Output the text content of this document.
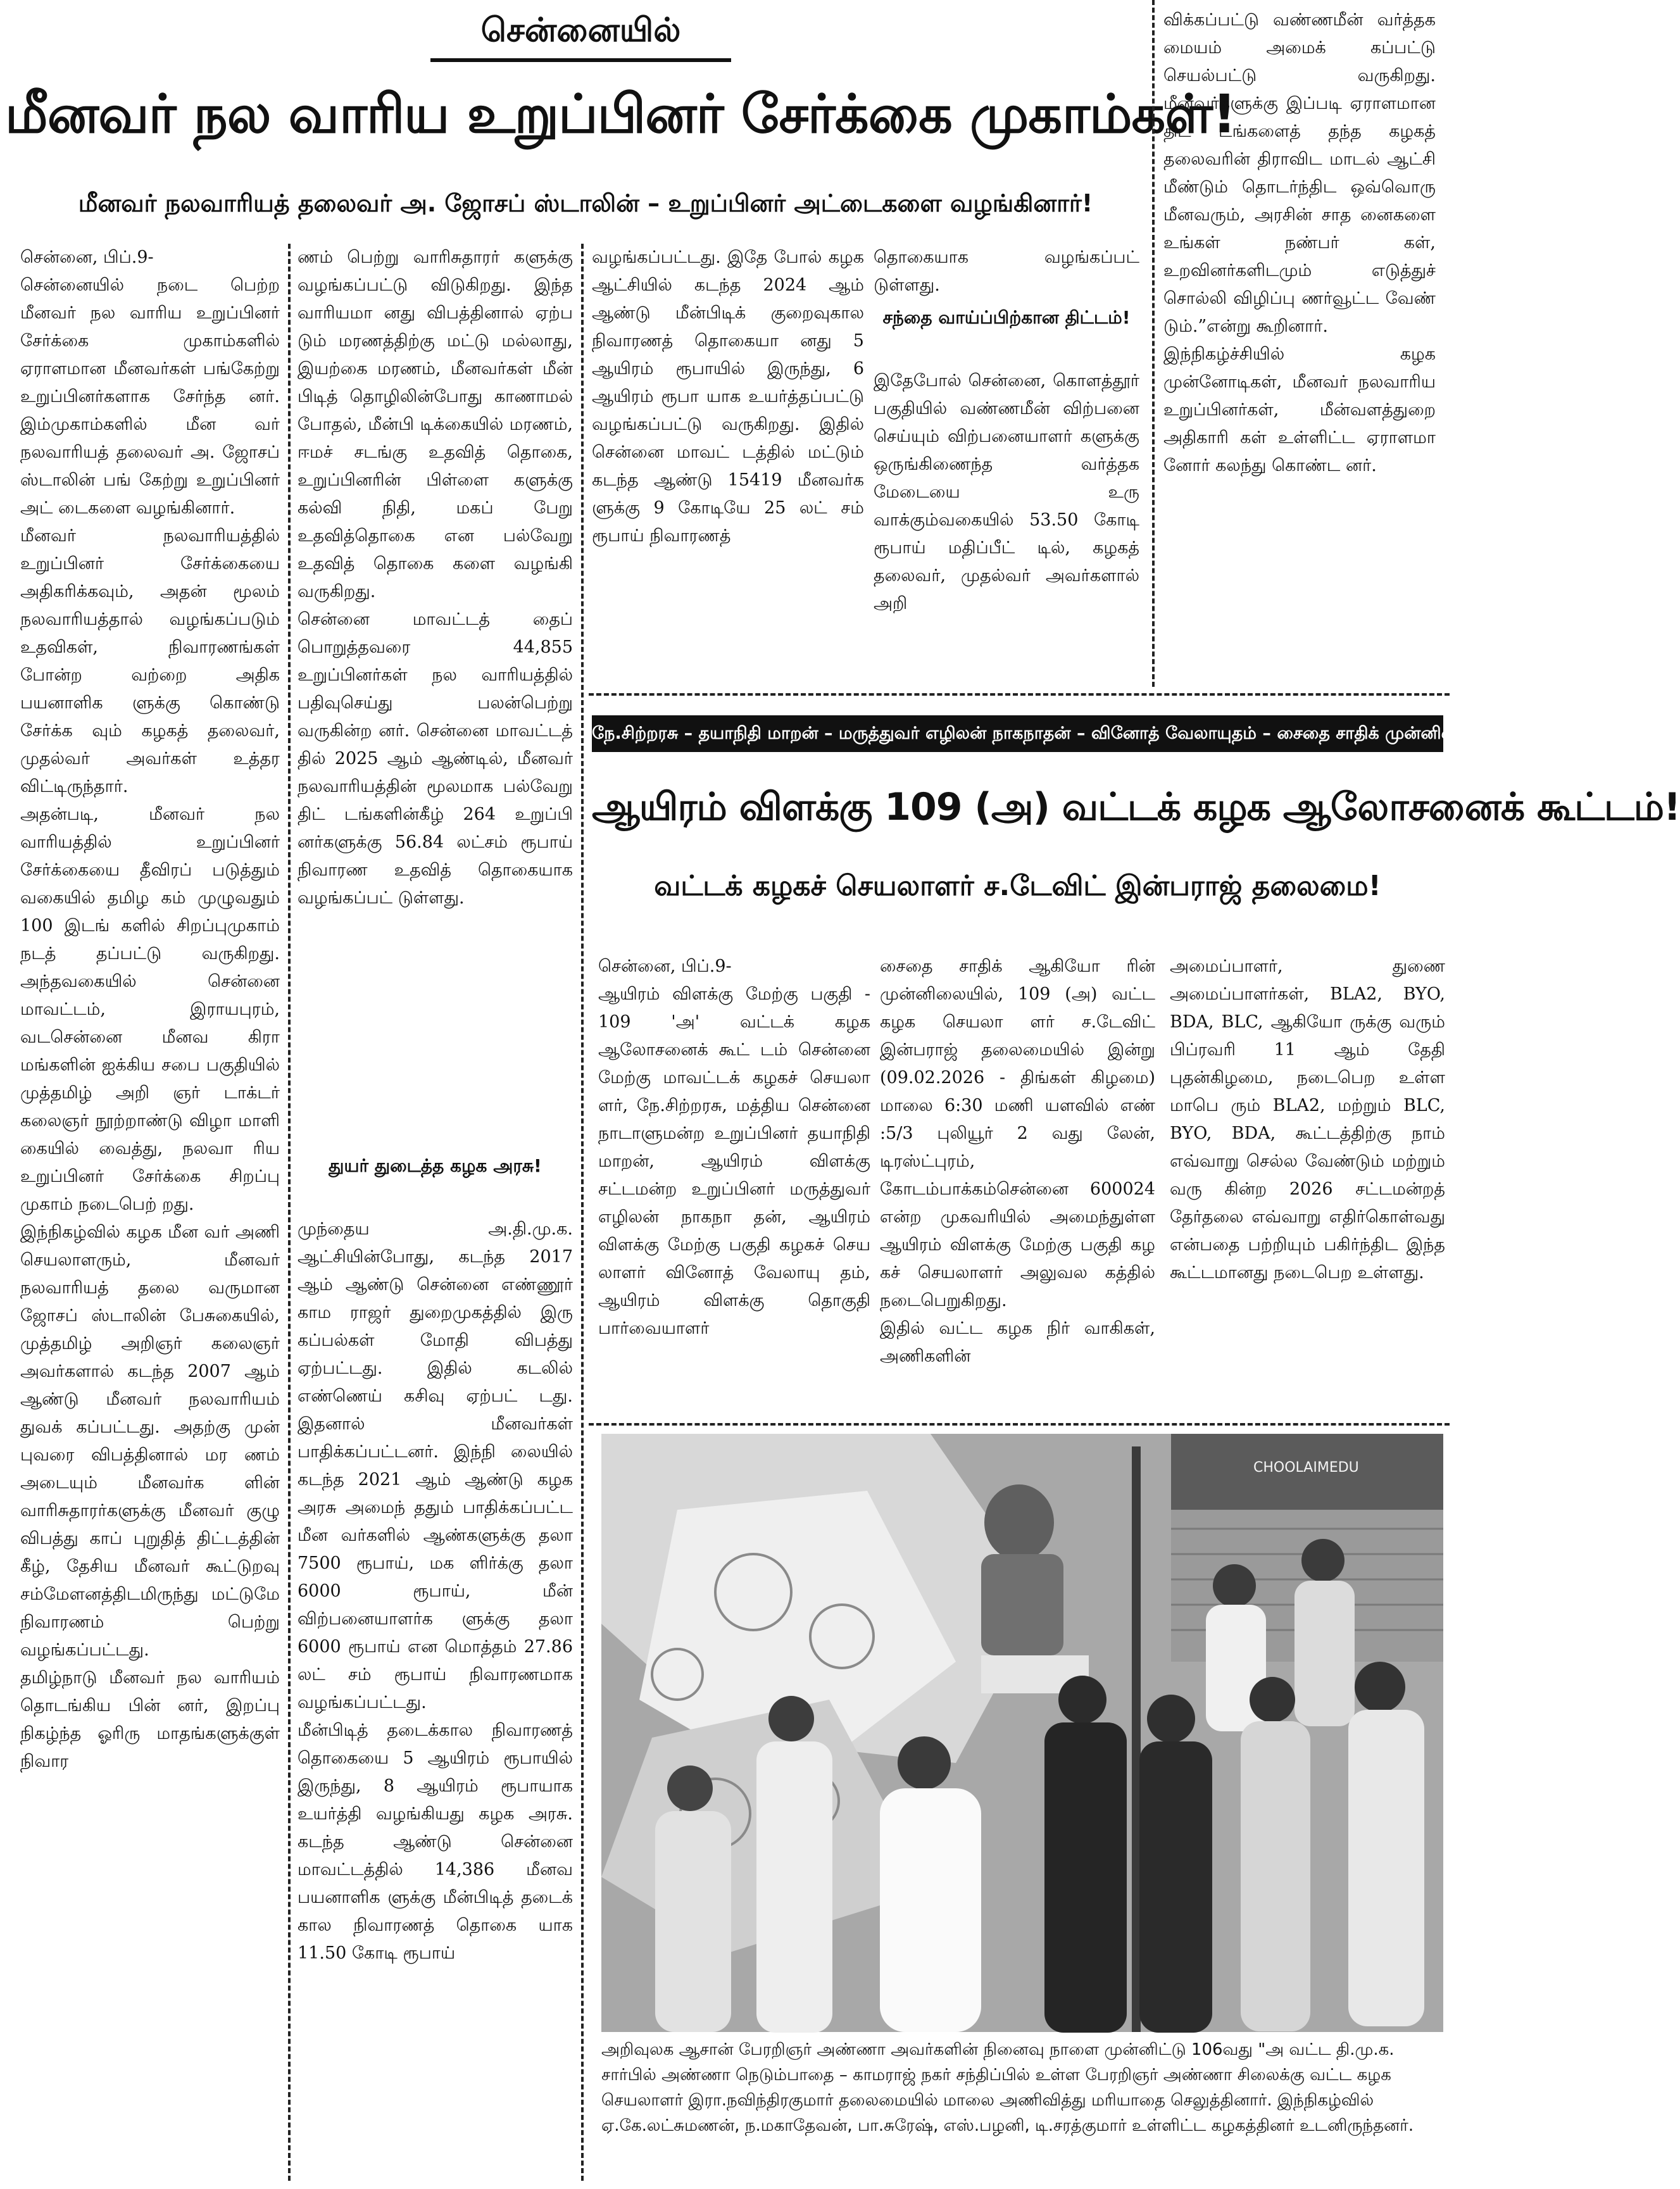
சென்னையில்
மீனவர் நல வாரிய உறுப்பினர் சேர்க்கை முகாம்கள்!
மீனவர் நலவாரியத் தலைவர் அ. ஜோசப் ஸ்டாலின் – உறுப்பினர் அட்டைகளை வழங்கினார்!
சென்னை, பிப்.9-
சென்னையில் நடை பெற்ற மீனவர் நல வாரிய உறுப்பினர் சேர்க்கை முகாம்களில் ஏராளமான மீனவர்கள் பங்கேற்று உறுப்பினர்களாக சேர்ந்த னர். இம்முகாம்களில் மீன வர் நலவாரியத் தலைவர் அ. ஜோசப் ஸ்டாலின் பங் கேற்று உறுப்பினர் அட் டைகளை வழங்கினார்.
மீனவர் நலவாரியத்தில் உறுப்பினர் சேர்க்கையை அதிகரிக்கவும், அதன் மூலம் நலவாரியத்தால் வழங்கப்படும் உதவிகள், நிவாரணங்கள் போன்ற வற்றை அதிக பயனாளிக ளுக்கு கொண்டு சேர்க்க வும் கழகத் தலைவர், முதல்வர் அவர்கள் உத்தர விட்டிருந்தார்.
அதன்படி, மீனவர் நல வாரியத்தில் உறுப்பினர் சேர்க்கையை தீவிரப் படுத்தும் வகையில் தமிழ கம் முழுவதும் 100 இடங் களில் சிறப்புமுகாம் நடத் தப்பட்டு வருகிறது. அந்தவகையில் சென்னை மாவட்டம், இராயபுரம், வடசென்னை மீனவ கிரா மங்களின் ஐக்கிய சபை பகுதியில் முத்தமிழ் அறி ஞர் டாக்டர் கலைஞர் நூற்றாண்டு விழா மாளி கையில் வைத்து, நலவா ரிய உறுப்பினர் சேர்க்கை சிறப்பு முகாம் நடைபெற் றது.
இந்நிகழ்வில் கழக மீன வர் அணி செயலாளரும், மீனவர் நலவாரியத் தலை வருமான ஜோசப் ஸ்டாலின் பேசுகையில், முத்தமிழ் அறிஞர் கலைஞர் அவர்களால் கடந்த 2007 ஆம் ஆண்டு மீனவர் நலவாரியம் துவக் கப்பட்டது. அதற்கு முன் புவரை விபத்தினால் மர ணம் அடையும் மீனவர்க ளின் வாரிசுதாரர்களுக்கு மீனவர் குழு விபத்து காப் புறுதித் திட்டத்தின் கீழ், தேசிய மீனவர் கூட்டுறவு சம்மேளனத்திடமிருந்து மட்டுமே நிவாரணம் பெற்று வழங்கப்பட்டது.
தமிழ்நாடு மீனவர் நல வாரியம் தொடங்கிய பின் னர், இறப்பு நிகழ்ந்த ஓரிரு மாதங்களுக்குள் நிவார
ணம் பெற்று வாரிசுதாரர் களுக்கு வழங்கப்பட்டு விடுகிறது. இந்த வாரியமா னது விபத்தினால் ஏற்ப டும் மரணத்திற்கு மட்டு மல்லாது, இயற்கை மரணம், மீனவர்கள் மீன் பிடித் தொழிலின்போது காணாமல் போதல், மீன்பி டிக்கையில் மரணம், ஈமச் சடங்கு உதவித் தொகை, உறுப்பினரின் பிள்ளை களுக்கு கல்வி நிதி, மகப் பேறு உதவித்தொகை என பல்வேறு உதவித் தொகை களை வழங்கி வருகிறது.
சென்னை மாவட்டத் தைப் பொறுத்தவரை 44,855 உறுப்பினர்கள் நல வாரியத்தில் பதிவுசெய்து பலன்பெற்று வருகின்ற னர். சென்னை மாவட்டத் தில் 2025 ஆம் ஆண்டில், மீனவர் நலவாரியத்தின் மூலமாக பல்வேறு திட் டங்களின்கீழ் 264 உறுப்பி னர்களுக்கு 56.84 லட்சம் ரூபாய் நிவாரண உதவித் தொகையாக வழங்கப்பட் டுள்ளது.
துயர் துடைத்த கழக அரசு!
முந்தைய அ.தி.மு.க. ஆட்சியின்போது, கடந்த 2017 ஆம் ஆண்டு சென்னை எண்ணூர் காம ராஜர் துறைமுகத்தில் இரு கப்பல்கள் மோதி விபத்து ஏற்பட்டது. இதில் கடலில் எண்ணெய் கசிவு ஏற்பட் டது. இதனால் மீனவர்கள் பாதிக்கப்பட்டனர். இந்நி லையில் கடந்த 2021 ஆம் ஆண்டு கழக அரசு அமைந் ததும் பாதிக்கப்பட்ட மீன வர்களில் ஆண்களுக்கு தலா 7500 ரூபாய், மக ளிர்க்கு தலா 6000 ரூபாய், மீன் விற்பனையாளர்க ளுக்கு தலா 6000 ரூபாய் என மொத்தம் 27.86 லட் சம் ரூபாய் நிவாரணமாக வழங்கப்பட்டது.
மீன்பிடித் தடைக்கால நிவாரணத் தொகையை 5 ஆயிரம் ரூபாயில் இருந்து, 8 ஆயிரம் ரூபாயாக உயர்த்தி வழங்கியது கழக அரசு. கடந்த ஆண்டு சென்னை மாவட்டத்தில் 14,386 மீனவ பயனாளிக ளுக்கு மீன்பிடித் தடைக் கால நிவாரணத் தொகை யாக 11.50 கோடி ரூபாய்
வழங்கப்பட்டது. இதே போல் கழக ஆட்சியில் கடந்த 2024 ஆம் ஆண்டு மீன்பிடிக் குறைவுகால நிவாரணத் தொகையா னது 5 ஆயிரம் ரூபாயில் இருந்து, 6 ஆயிரம் ரூபா யாக உயர்த்தப்பட்டு வழங்கப்பட்டு வருகிறது. இதில் சென்னை மாவட் டத்தில் மட்டும் கடந்த ஆண்டு 15419 மீனவர்க ளுக்கு 9 கோடியே 25 லட் சம் ரூபாய் நிவாரணத்
தொகையாக வழங்கப்பட் டுள்ளது.
சந்தை வாய்ப்பிற்கான திட்டம்!
இதேபோல் சென்னை, கொளத்தூர் பகுதியில் வண்ணமீன் விற்பனை செய்யும் விற்பனையாளர் களுக்கு ஒருங்கிணைந்த வர்த்தக மேடையை உரு வாக்கும்வகையில் 53.50 கோடி ரூபாய் மதிப்பீட் டில், கழகத் தலைவர், முதல்வர் அவர்களால் அறி
விக்கப்பட்டு வண்ணமீன் வர்த்தக மையம் அமைக் கப்பட்டு செயல்பட்டு வருகிறது. மீனவர்களுக்கு இப்படி ஏராளமான திட் டங்களைத் தந்த கழகத் தலைவரின் திராவிட மாடல் ஆட்சி மீண்டும் தொடர்ந்திட ஒவ்வொரு மீனவரும், அரசின் சாத னைகளை உங்கள் நண்பர் கள், உறவினர்களிடமும் எடுத்துச் சொல்லி விழிப்பு ணர்வூட்ட வேண் டும்.”என்று கூறினார்.
இந்நிகழ்ச்சியில் கழக முன்னோடிகள், மீனவர் நலவாரிய உறுப்பினர்கள், மீன்வளத்துறை அதிகாரி கள் உள்ளிட்ட ஏராளமா னோர் கலந்து கொண்ட னர்.
நே.சிற்றரசு – தயாநிதி மாறன் – மருத்துவர் எழிலன் நாகநாதன் – வினோத் வேலாயுதம் – சைதை சாதிக் முன்னிலை!
ஆயிரம் விளக்கு 109 (அ) வட்டக் கழக ஆலோசனைக் கூட்டம்!
வட்டக் கழகச் செயலாளர் ச.டேவிட் இன்பராஜ் தலைமை!
சென்னை, பிப்.9-
ஆயிரம் விளக்கு மேற்கு பகுதி - 109 'அ' வட்டக் கழக ஆலோசனைக் கூட் டம் சென்னை மேற்கு மாவட்டக் கழகச் செயலா ளர், நே.சிற்றரசு, மத்திய சென்னை நாடாளுமன்ற உறுப்பினர் தயாநிதி மாறன், ஆயிரம் விளக்கு சட்டமன்ற உறுப்பினர் மருத்துவர் எழிலன் நாகநா தன், ஆயிரம் விளக்கு மேற்கு பகுதி கழகச் செய லாளர் வினோத் வேலாயு தம், ஆயிரம் விளக்கு தொகுதி பார்வையாளர்
சைதை சாதிக் ஆகியோ ரின் முன்னிலையில், 109 (அ) வட்ட கழக செயலா ளர் ச.டேவிட் இன்பராஜ் தலைமையில் இன்று (09.02.2026 - திங்கள் கிழமை) மாலை 6:30 மணி யளவில் எண் :5/3 புலியூர் 2 வது லேன், டிரஸ்ட்புரம், கோடம்பாக்கம்சென்னை 600024 என்ற முகவரியில் அமைந்துள்ள ஆயிரம் விளக்கு மேற்கு பகுதி கழ கச் செயலாளர் அலுவல கத்தில் நடைபெறுகிறது.
இதில் வட்ட கழக நிர் வாகிகள், அணிகளின்
அமைப்பாளர், துணை அமைப்பாளர்கள், BLA2, BYO, BDA, BLC, ஆகியோ ருக்கு வரும் பிப்ரவரி 11 ஆம் தேதி புதன்கிழமை, நடைபெற உள்ள மாபெ ரும் BLA2, மற்றும் BLC, BYO, BDA, கூட்டத்திற்கு நாம் எவ்வாறு செல்ல வேண்டும் மற்றும் வரு கின்ற 2026 சட்டமன்றத் தேர்தலை எவ்வாறு எதிர்கொள்வது என்பதை பற்றியும் பகிர்ந்திட இந்த கூட்டமானது நடைபெற உள்ளது.
CHOOLAIMEDU
அறிவுலக ஆசான் பேரறிஞர் அண்ணா அவர்களின் நினைவு நாளை முன்னிட்டு 106வது "அ வட்ட தி.மு.க. சார்பில் அண்ணா நெடும்பாதை – காமராஜ் நகர் சந்திப்பில் உள்ள பேரறிஞர் அண்ணா சிலைக்கு வட்ட கழக செயலாளர் இரா.நவிந்திரகுமார் தலைமையில் மாலை அணிவித்து மரியாதை செலுத்தினார். இந்நிகழ்வில் ஏ.கே.லட்சுமணன், ந.மகாதேவன், பா.சுரேஷ், எஸ்.பழனி, டி.சரத்குமார் உள்ளிட்ட கழகத்தினர் உடனிருந்தனர்.
